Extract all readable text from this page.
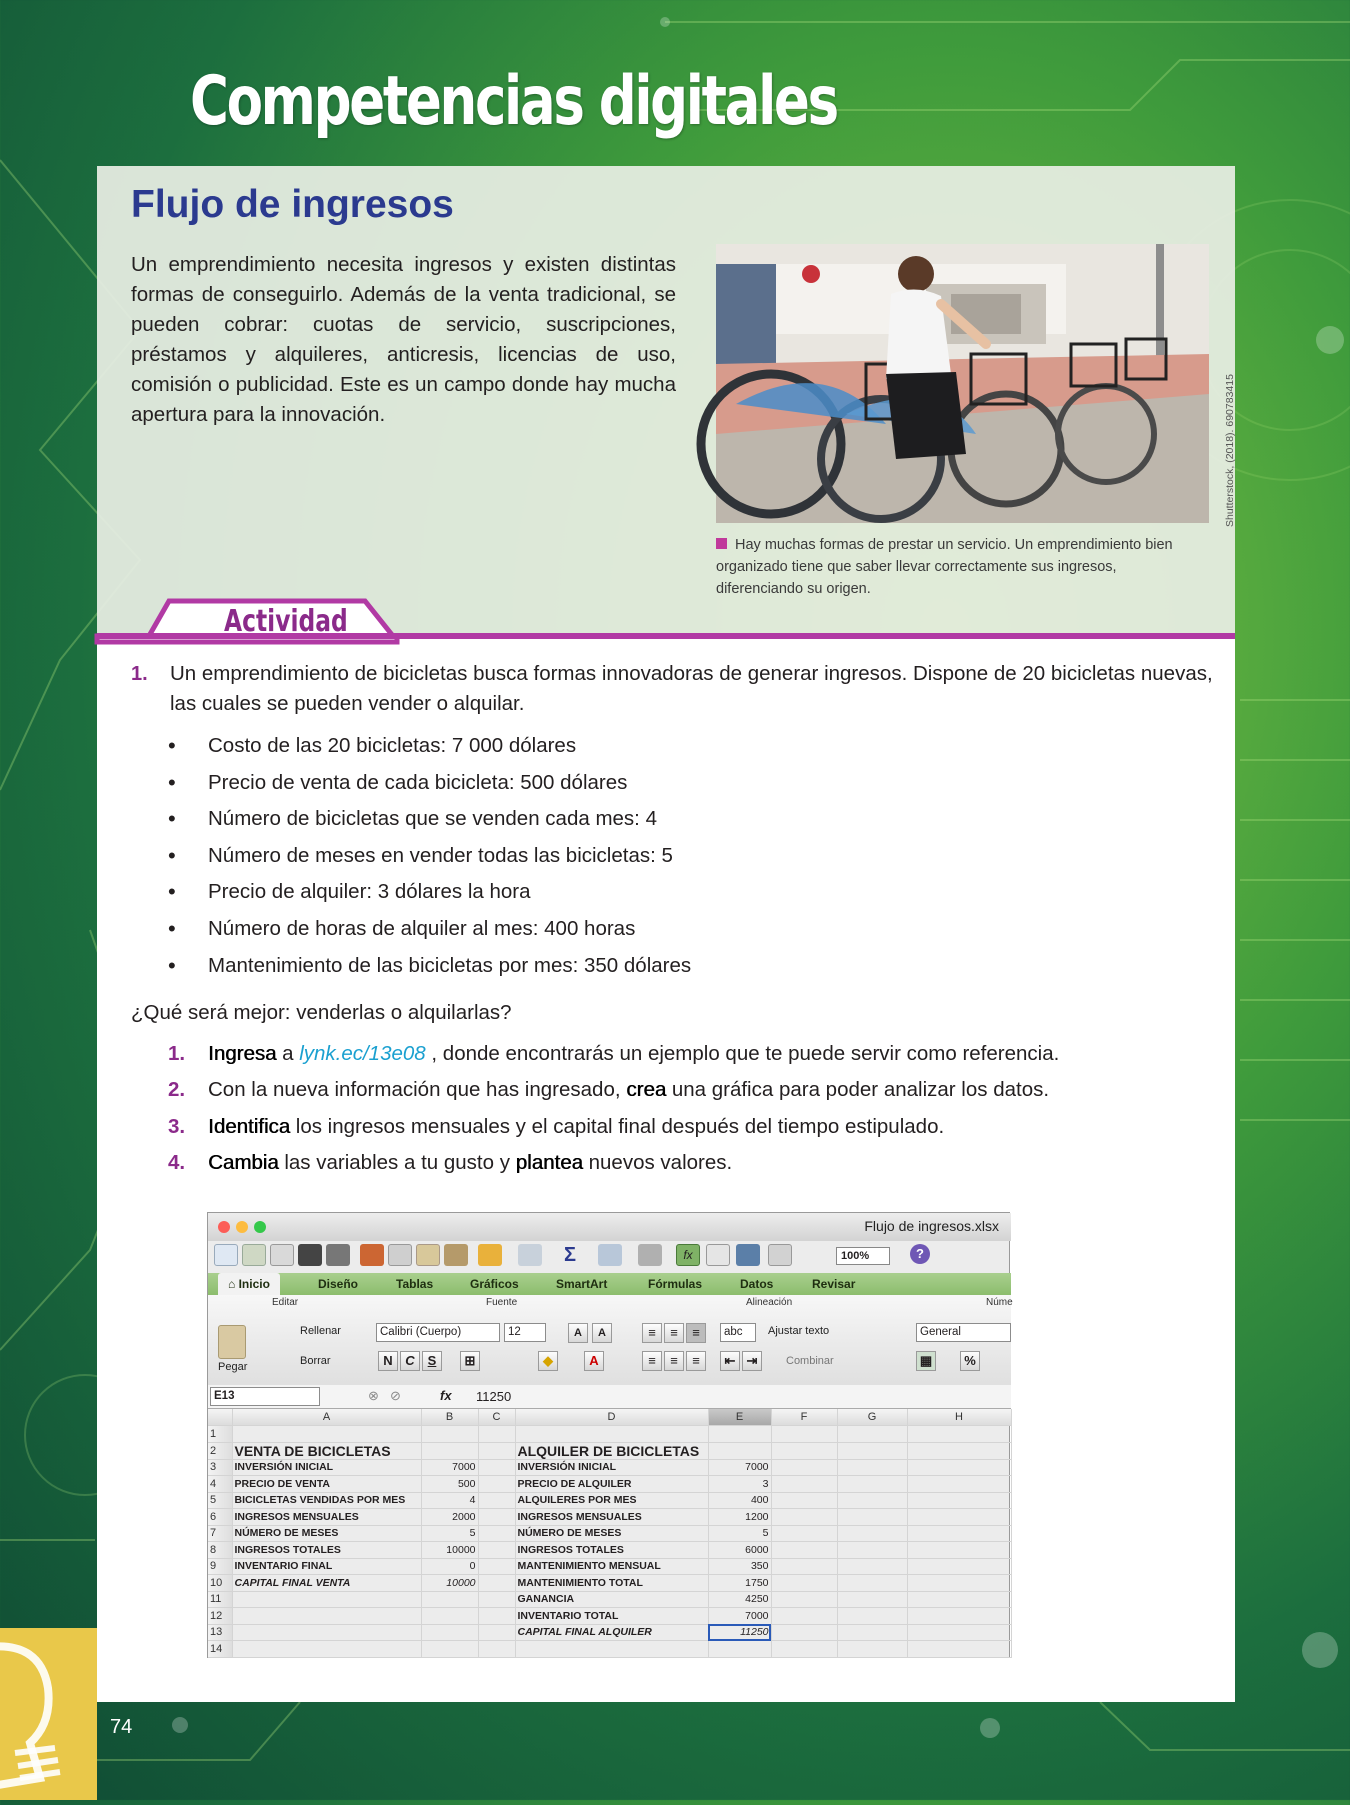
Competencias digitales
Flujo de ingresos

Un emprendimiento necesita ingresos y existen distintas formas de conseguirlo. Además de la venta tradicional, se pueden cobrar: cuotas de servicio, suscripciones, préstamos y alquileres, anticresis, licencias de uso, comisión o publicidad. Este es un campo donde hay mucha apertura para la innovación.	Shutterstock, (2018). 690783415
Hay muchas formas de prestar un servicio. Un emprendimiento bien organizado tiene que saber llevar correctamente sus ingresos, diferenciando su origen.
Actividad
1. Un emprendimiento de bicicletas busca formas innovadoras de generar ingresos. Dispone de 20 bicicletas nuevas, las cuales se pueden vender o alquilar.

• Costo de las 20 bicicletas: 7 000 dólares
• Precio de venta de cada bicicleta: 500 dólares
• Número de bicicletas que se venden cada mes: 4
• Número de meses en vender todas las bicicletas: 5
• Precio de alquiler: 3 dólares la hora
• Número de horas de alquiler al mes: 400 horas
• Mantenimiento de las bicicletas por mes: 350 dólares

¿Qué será mejor: venderlas o alquilarlas?

1. Ingresa a lynk.ec/13e08 , donde encontrarás un ejemplo que te puede servir como referencia.
2. Con la nueva información que has ingresado, crea una gráfica para poder analizar los datos.
3. Identifica los ingresos mensuales y el capital final después del tiempo estipulado.
4. Cambia las variables a tu gusto y plantea nuevos valores.
Flujo de ingresos.xlsx
Σ	fx	100%	?
⌂ Inicio	Diseño	Tablas	Gráficos	SmartArt	Fórmulas	Datos	Revisar
Editar	Fuente	Alineación	Núme
Pegar
Rellenar
Borrar
Calibri (Cuerpo)	12
N C S
A	A
⊞	◆	A
≡	≡	≡	abc	Ajustar texto
≡	≡	≡	⇤ ⇥	Combinar
General
▦	%
E13	⊗ ⊘	fx 11250
	A	B	C	D	E	F	G	H
1								
2	VENTA DE BICICLETAS			ALQUILER DE BICICLETAS				
3	INVERSIÓN INICIAL	7000		INVERSIÓN INICIAL	7000			
4	PRECIO DE VENTA	500		PRECIO DE ALQUILER	3			
5	BICICLETAS VENDIDAS POR MES	4		ALQUILERES POR MES	400			
6	INGRESOS MENSUALES	2000		INGRESOS MENSUALES	1200			
7	NÚMERO DE MESES	5		NÚMERO DE MESES	5			
8	INGRESOS TOTALES	10000		INGRESOS TOTALES	6000			
9	INVENTARIO FINAL	0		MANTENIMIENTO MENSUAL	350			
10	CAPITAL FINAL VENTA	10000		MANTENIMIENTO TOTAL	1750			
11				GANANCIA	4250			
12				INVENTARIO TOTAL	7000			
13				CAPITAL FINAL ALQUILER	11250			
14								
74
